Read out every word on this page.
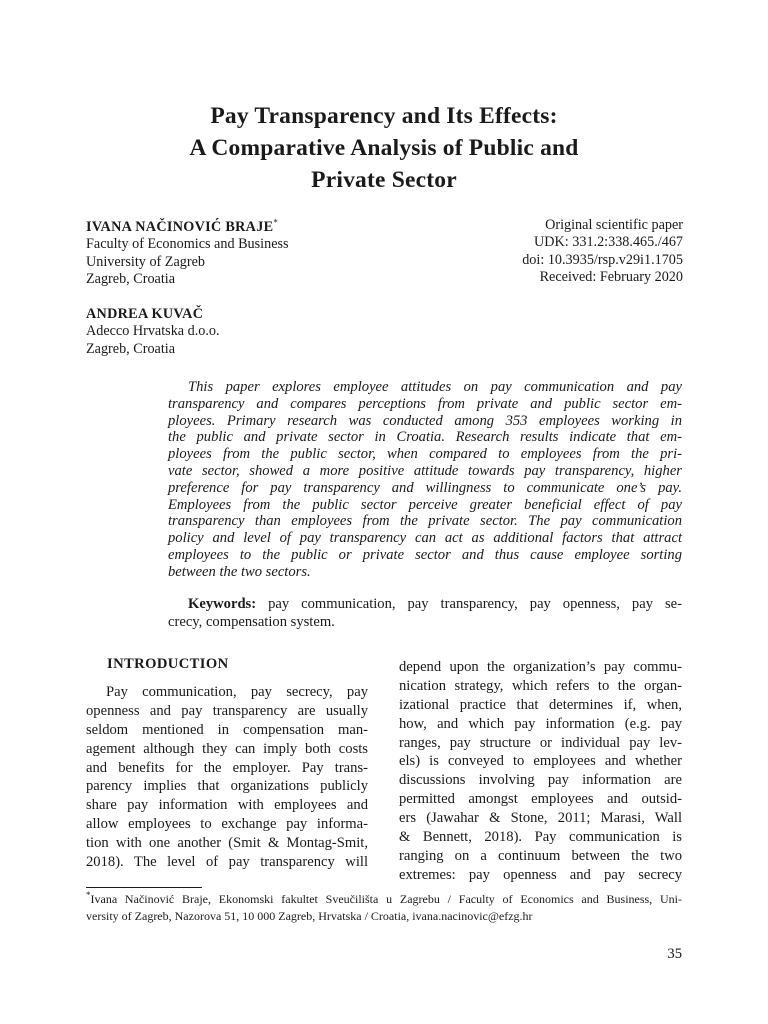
Pay Transparency and Its Effects:
A Comparative Analysis of Public and
Private Sector
IVANA NAČINOVIĆ BRAJE*
Faculty of Economics and Business
University of Zagreb
Zagreb, Croatia
ANDREA KUVAČ
Adecco Hrvatska d.o.o.
Zagreb, Croatia
Original scientific paper
UDK: 331.2:338.465./467
doi: 10.3935/rsp.v29i1.1705
Received: February 2020
This paper explores employee attitudes on pay communication and pay
transparency and compares perceptions from private and public sector em-
ployees. Primary research was conducted among 353 employees working in
the public and private sector in Croatia. Research results indicate that em-
ployees from the public sector, when compared to employees from the pri-
vate sector, showed a more positive attitude towards pay transparency, higher
preference for pay transparency and willingness to communicate one’s pay.
Employees from the public sector perceive greater beneficial effect of pay
transparency than employees from the private sector. The pay communication
policy and level of pay transparency can act as additional factors that attract
employees to the public or private sector and thus cause employee sorting
between the two sectors.
Keywords: pay communication, pay transparency, pay openness, pay se-
crecy, compensation system.
INTRODUCTION
Pay communication, pay secrecy, pay
openness and pay transparency are usually
seldom mentioned in compensation man-
agement although they can imply both costs
and benefits for the employer. Pay trans-
parency implies that organizations publicly
share pay information with employees and
allow employees to exchange pay informa-
tion with one another (Smit & Montag-Smit,
2018). The level of pay transparency will
depend upon the organization’s pay commu-
nication strategy, which refers to the organ-
izational practice that determines if, when,
how, and which pay information (e.g. pay
ranges, pay structure or individual pay lev-
els) is conveyed to employees and whether
discussions involving pay information are
permitted amongst employees and outsid-
ers (Jawahar & Stone, 2011; Marasi, Wall
& Bennett, 2018). Pay communication is
ranging on a continuum between the two
extremes: pay openness and pay secrecy
*Ivana Načinović Braje, Ekonomski fakultet Sveučilišta u Zagrebu / Faculty of Economics and Business, Uni-
versity of Zagreb, Nazorova 51, 10 000 Zagreb, Hrvatska / Croatia, ivana.nacinovic@efzg.hr
35
